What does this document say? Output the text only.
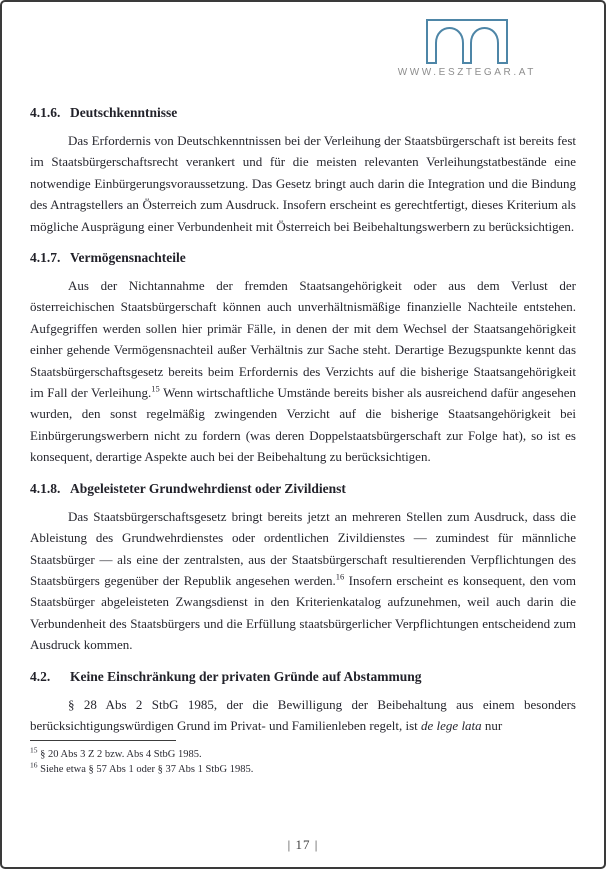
WWW.ESZTEGAR.AT
4.1.6. Deutschkenntnisse

Das Erfordernis von Deutschkenntnissen bei der Verleihung der Staatsbürgerschaft ist bereits fest im Staatsbürgerschaftsrecht verankert und für die meisten relevanten Verleihungstatbestände eine notwendige Einbürgerungsvoraussetzung. Das Gesetz bringt auch darin die Integration und die Bindung des Antragstellers an Österreich zum Ausdruck. Insofern erscheint es gerechtfertigt, dieses Kriterium als mögliche Ausprägung einer Verbundenheit mit Österreich bei Beibehaltungswerbern zu berücksichtigen.

4.1.7. Vermögensnachteile

Aus der Nichtannahme der fremden Staatsangehörigkeit oder aus dem Verlust der österreichischen Staatsbürgerschaft können auch unverhältnismäßige finanzielle Nachteile entstehen. Aufgegriffen werden sollen hier primär Fälle, in denen der mit dem Wechsel der Staatsangehörigkeit einher gehende Vermögensnachteil außer Verhältnis zur Sache steht. Derartige Bezugspunkte kennt das Staatsbürgerschaftsgesetz bereits beim Erfordernis des Verzichts auf die bisherige Staatsangehörigkeit im Fall der Verleihung.$^{15}$ Wenn wirtschaftliche Umstände bereits bisher als ausreichend dafür angesehen wurden, den sonst regelmäßig zwingenden Verzicht auf die bisherige Staatsangehörigkeit bei Einbürgerungswerbern nicht zu fordern (was deren Doppelstaatsbürgerschaft zur Folge hat), so ist es konsequent, derartige Aspekte auch bei der Beibehaltung zu berücksichtigen.

4.1.8. Abgeleisteter Grundwehrdienst oder Zivildienst

Das Staatsbürgerschaftsgesetz bringt bereits jetzt an mehreren Stellen zum Ausdruck, dass die Ableistung des Grundwehrdienstes oder ordentlichen Zivildienstes — zumindest für männliche Staatsbürger — als eine der zentralsten, aus der Staatsbürgerschaft resultierenden Verpflichtungen des Staatsbürgers gegenüber der Republik angesehen werden.$^{16}$ Insofern erscheint es konsequent, den vom Staatsbürger abgeleisteten Zwangsdienst in den Kriterienkatalog aufzunehmen, weil auch darin die Verbundenheit des Staatsbürgers und die Erfüllung staatsbürgerlicher Verpflichtungen entscheidend zum Ausdruck kommen.

4.2.	Keine Einschränkung der privaten Gründe auf Abstammung

§ 28 Abs 2 StbG 1985, der die Bewilligung der Beibehaltung aus einem besonders berücksichtigungswürdigen Grund im Privat- und Familienleben regelt, ist de lege lata nur

$^{15}$ § 20 Abs 3 Z 2 bzw. Abs 4 StbG 1985.
$^{16}$ Siehe etwa § 57 Abs 1 oder § 37 Abs 1 StbG 1985.
| 17 |
